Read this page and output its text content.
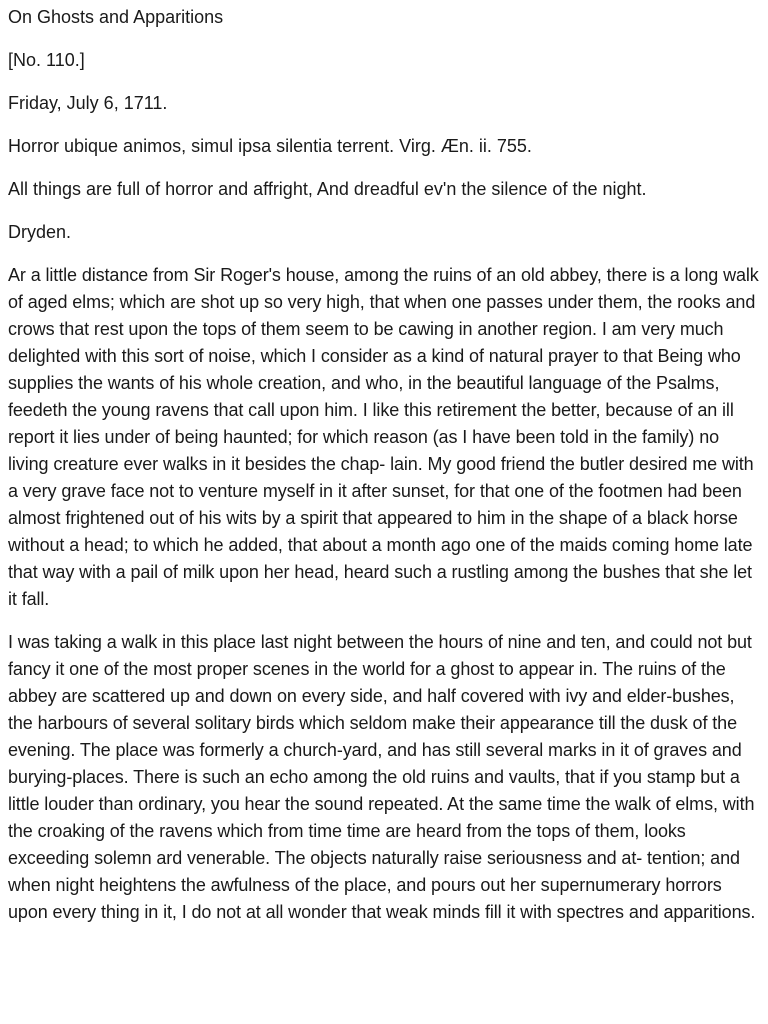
On Ghosts and Apparitions
[No. 110.]
Friday, July 6, 1711.
Horror ubique animos, simul ipsa silentia terrent. Virg. Æn. ii. 755.
All things are full of horror and affright, And dreadful ev'n the silence of the night.
Dryden.

Ar a little distance from Sir Roger's house, among the ruins of an old abbey, there is a long walk of aged elms; which are shot up so very high, that when one passes under them, the rooks and crows that rest upon the tops of them seem to be cawing in another region. I am very much delighted with this sort of noise, which I consider as a kind of natural prayer to that Being who supplies the wants of his whole creation, and who, in the beautiful language of the Psalms, feedeth the young ravens that call upon him. I like this retirement the better, because of an ill report it lies under of being haunted; for which reason (as I have been told in the family) no living creature ever walks in it besides the chap- lain. My good friend the butler desired me with a very grave face not to venture myself in it after sunset, for that one of the footmen had been almost frightened out of his wits by a spirit that appeared to him in the shape of a black horse without a head; to which he added, that about a month ago one of the maids coming home late that way with a pail of milk upon her head, heard such a rustling among the bushes that she let it fall.

I was taking a walk in this place last night between the hours of nine and ten, and could not but fancy it one of the most proper scenes in the world for a ghost to appear in. The ruins of the abbey are scattered up and down on every side, and half covered with ivy and elder-bushes, the harbours of several solitary birds which seldom make their appearance till the dusk of the evening. The place was formerly a church-yard, and has still several marks in it of graves and burying-places. There is such an echo among the old ruins and vaults, that if you stamp but a little louder than ordinary, you hear the sound repeated. At the same time the walk of elms, with the croaking of the ravens which from time time are heard from the tops of them, looks exceeding solemn ard venerable. The objects naturally raise seriousness and at- tention; and when night heightens the awfulness of the place, and pours out her supernumerary horrors upon every thing in it, I do not at all wonder that weak minds fill it with spectres and apparitions.
